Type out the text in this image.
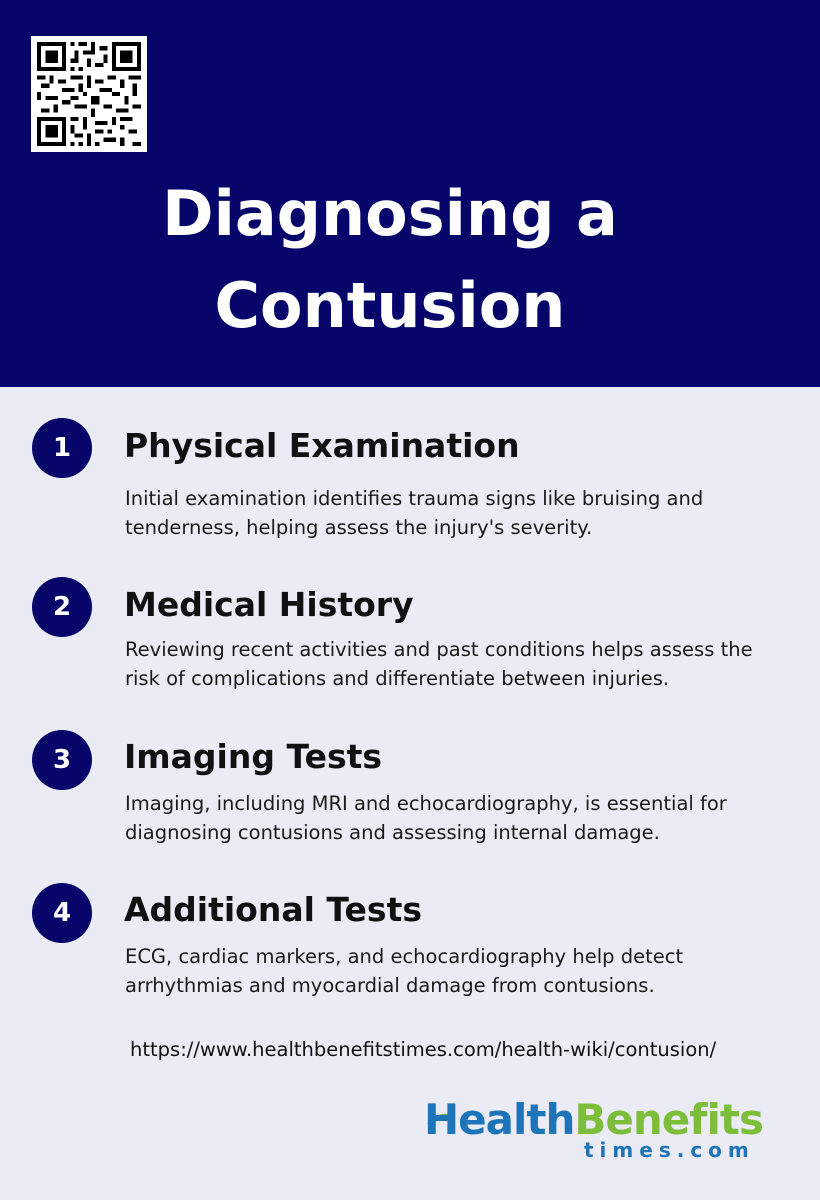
Diagnosing a
Contusion
1	Physical Examination
Initial examination identifies trauma signs like bruising and tenderness, helping assess the injury's severity.
2	Medical History
Reviewing recent activities and past conditions helps assess the risk of complications and differentiate between injuries.
3	Imaging Tests
Imaging, including MRI and echocardiography, is essential for diagnosing contusions and assessing internal damage.
4	Additional Tests
ECG, cardiac markers, and echocardiography help detect arrhythmias and myocardial damage from contusions.
https://www.healthbenefitstimes.com/health-wiki/contusion/
HealthBenefits
times.com
